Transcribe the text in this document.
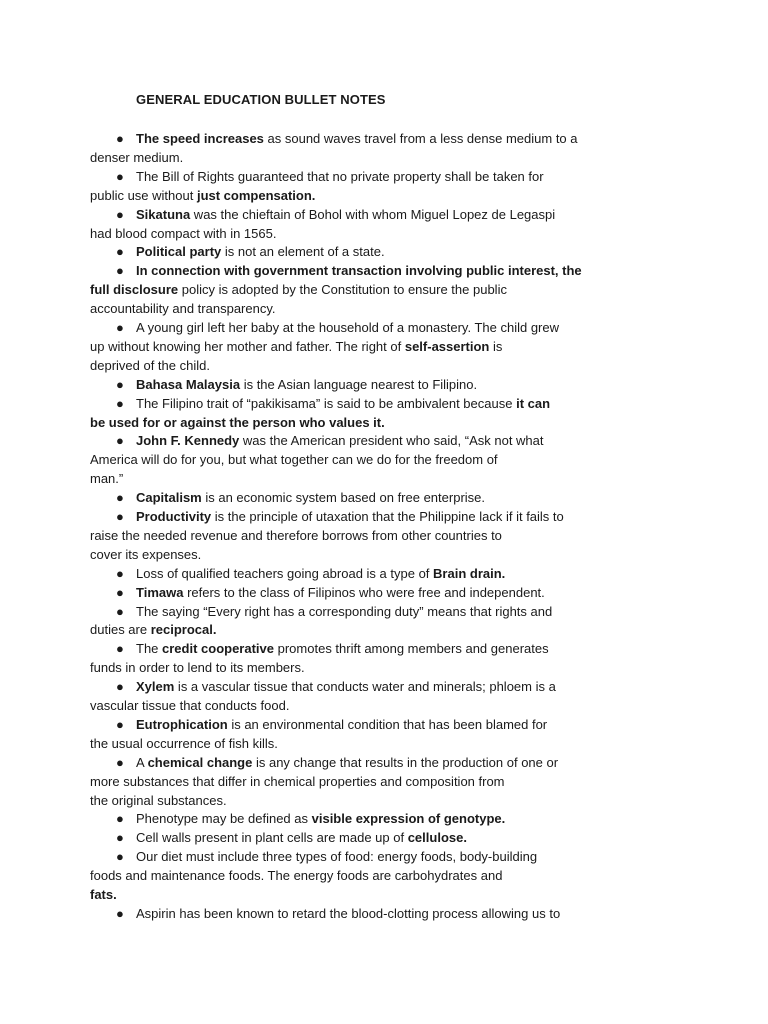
GENERAL EDUCATION BULLET NOTES
● The speed increases as sound waves travel from a less dense medium to a
denser medium.
● The Bill of Rights guaranteed that no private property shall be taken for
public use without just compensation.
● Sikatuna was the chieftain of Bohol with whom Miguel Lopez de Legaspi
had blood compact with in 1565.
● Political party is not an element of a state.
● In connection with government transaction involving public interest, the
full disclosure policy is adopted by the Constitution to ensure the public
accountability and transparency.
● A young girl left her baby at the household of a monastery. The child grew
up without knowing her mother and father. The right of self-assertion is
deprived of the child.
● Bahasa Malaysia is the Asian language nearest to Filipino.
● The Filipino trait of “pakikisama” is said to be ambivalent because it can
be used for or against the person who values it.
● John F. Kennedy was the American president who said, “Ask not what
America will do for you, but what together can we do for the freedom of
man.”
● Capitalism is an economic system based on free enterprise.
● Productivity is the principle of utaxation that the Philippine lack if it fails to
raise the needed revenue and therefore borrows from other countries to
cover its expenses.
● Loss of qualified teachers going abroad is a type of Brain drain.
● Timawa refers to the class of Filipinos who were free and independent.
● The saying “Every right has a corresponding duty” means that rights and
duties are reciprocal.
● The credit cooperative promotes thrift among members and generates
funds in order to lend to its members.
● Xylem is a vascular tissue that conducts water and minerals; phloem is a
vascular tissue that conducts food.
● Eutrophication is an environmental condition that has been blamed for
the usual occurrence of fish kills.
● A chemical change is any change that results in the production of one or
more substances that differ in chemical properties and composition from
the original substances.
● Phenotype may be defined as visible expression of genotype.
● Cell walls present in plant cells are made up of cellulose.
● Our diet must include three types of food: energy foods, body-building
foods and maintenance foods. The energy foods are carbohydrates and
fats.
● Aspirin has been known to retard the blood-clotting process allowing us to
